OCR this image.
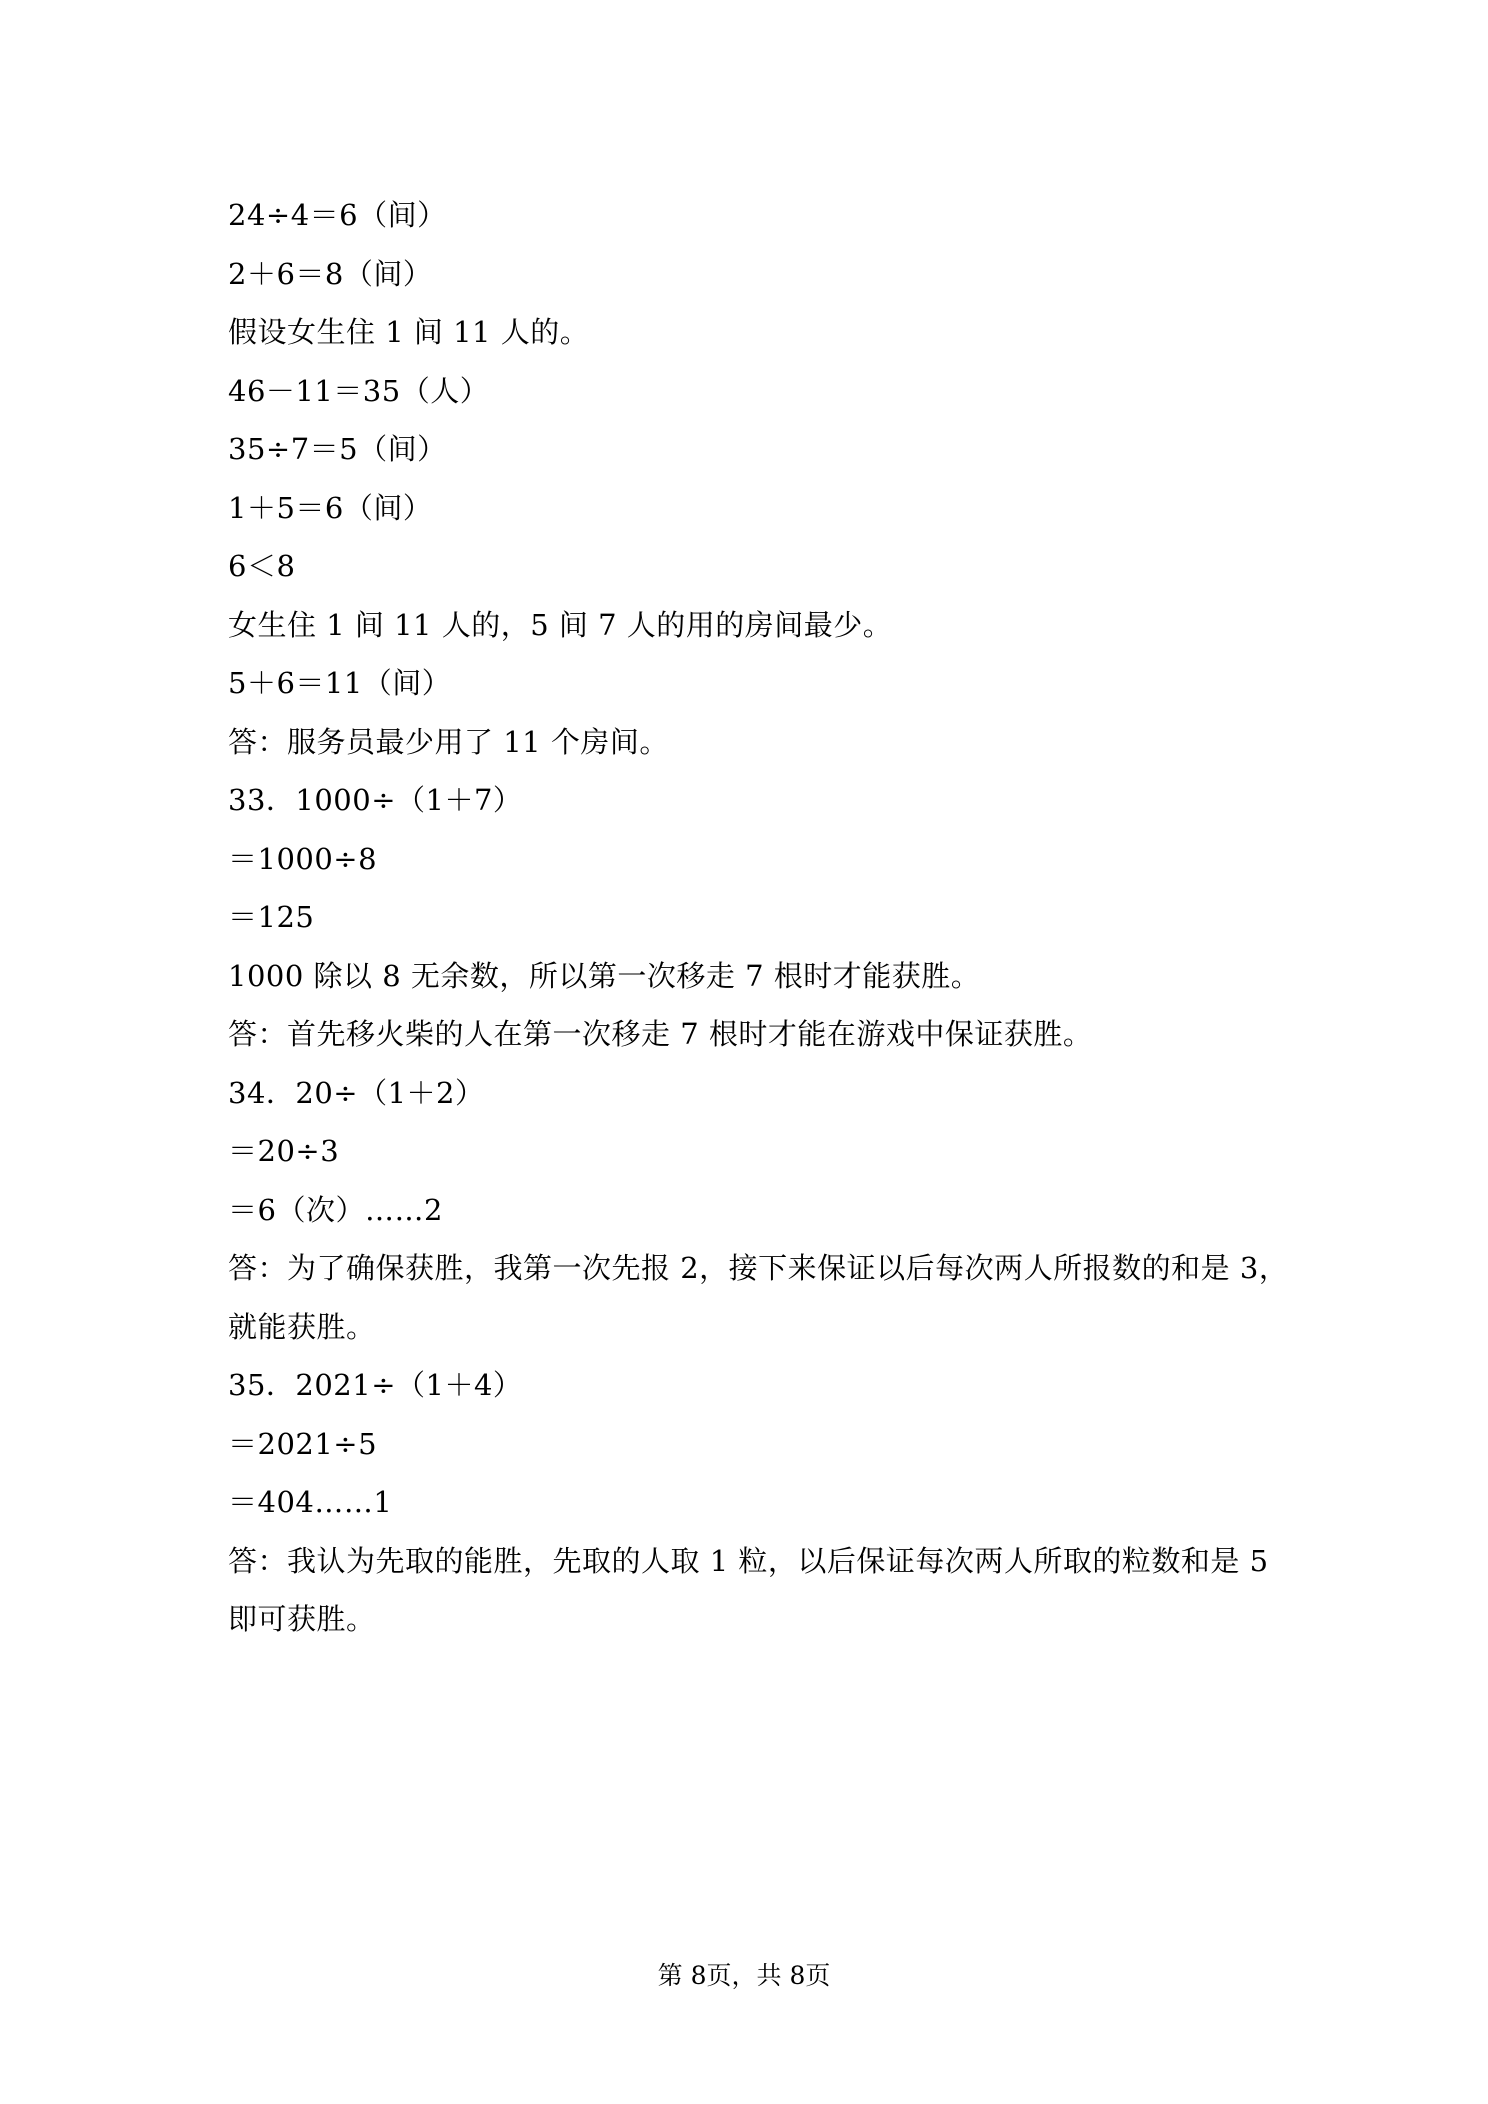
24÷4＝6（间）
2＋6＝8（间）
假设女生住 1 间 11 人的。
46－11＝35（人）
35÷7＝5（间）
1＋5＝6（间）
6＜8
女生住 1 间 11 人的，5 间 7 人的用的房间最少。
5＋6＝11（间）
答：服务员最少用了 11 个房间。
33．1000÷（1＋7）
＝1000÷8
＝125
1000 除以 8 无余数，所以第一次移走 7 根时才能获胜。
答：首先移火柴的人在第一次移走 7 根时才能在游戏中保证获胜。
34．20÷（1＋2）
＝20÷3
＝6（次）……2
答：为了确保获胜，我第一次先报 2，接下来保证以后每次两人所报数的和是 3，
就能获胜。
35．2021÷（1＋4）
＝2021÷5
＝404……1
答：我认为先取的能胜，先取的人取 1 粒，以后保证每次两人所取的粒数和是 5
即可获胜。
第 8页，共 8页
